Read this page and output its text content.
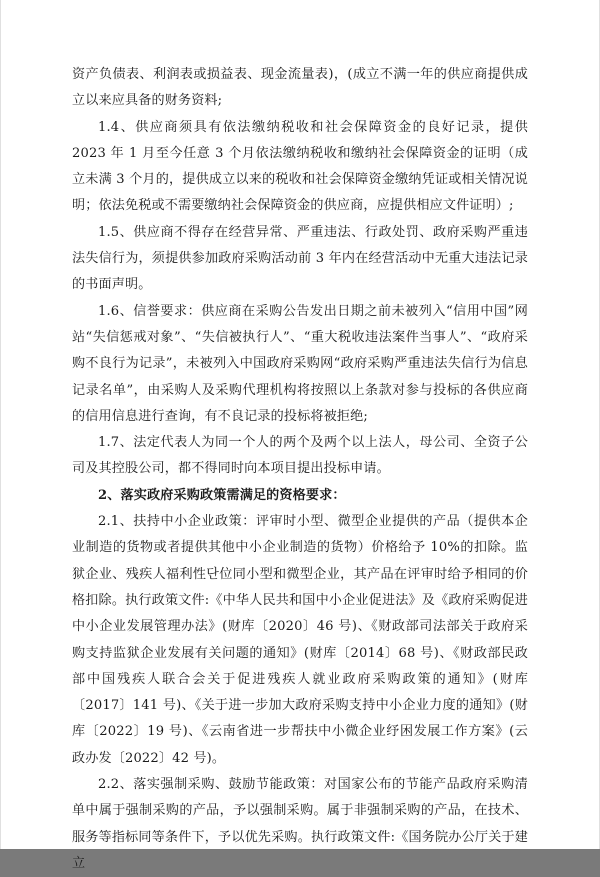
资产负债表、利润表或损益表、现金流量表)，(成立不满一年的供应商提供成立以来应具备的财务资料;

1.4、供应商须具有依法缴纳税收和社会保障资金的良好记录，提供 2023 年 1 月至今任意 3 个月依法缴纳税收和缴纳社会保障资金的证明（成立未满 3 个月的，提供成立以来的税收和社会保障资金缴纳凭证或相关情况说明；依法免税或不需要缴纳社会保障资金的供应商，应提供相应文件证明）;

1.5、供应商不得存在经营异常、严重违法、行政处罚、政府采购严重违法失信行为，须提供参加政府采购活动前 3 年内在经营活动中无重大违法记录的书面声明。

1.6、信誉要求：供应商在采购公告发出日期之前未被列入“信用中国”网站“失信惩戒对象”、“失信被执行人”、“重大税收违法案件当事人”、“政府采购不良行为记录”，未被列入中国政府采购网“政府采购严重违法失信行为信息记录名单”，由采购人及采购代理机构将按照以上条款对参与投标的各供应商的信用信息进行查询，有不良记录的投标将被拒绝;

1.7、法定代表人为同一个人的两个及两个以上法人，母公司、全资子公司及其控股公司，都不得同时向本项目提出投标申请。

2、落实政府采购政策需满足的资格要求：

2.1、扶持中小企业政策：评审时小型、微型企业提供的产品（提供本企业制造的货物或者提供其他中小企业制造的货物）价格给予 10%的扣除。监狱企业、残疾人福利性단位同小型和微型企业，其产品在评审时给予相同的价格扣除。执行政策文件:《中华人民共和国中小企业促进法》及《政府采购促进中小企业发展管理办法》(财库〔2020〕46 号)、《财政部司法部关于政府采购支持监狱企业发展有关问题的通知》(财库〔2014〕68 号)、《财政部民政部中国残疾人联合会关于促进残疾人就业政府采购政策的通知》(财库〔2017〕141 号)、《关于进一步加大政府采购支持中小企业力度的通知》(财库〔2022〕19 号)、《云南省进一步帮扶中小微企业纾困发展工作方案》(云政办发〔2022〕42 号)。

2.2、落实强制采购、鼓励节能政策：对国家公布的节能产品政府采购清单中属于强制采购的产品，予以强制采购。属于非强制采购的产品，在技术、服务等指标同等条件下，予以优先采购。执行政策文件:《国务院办公厅关于建立
